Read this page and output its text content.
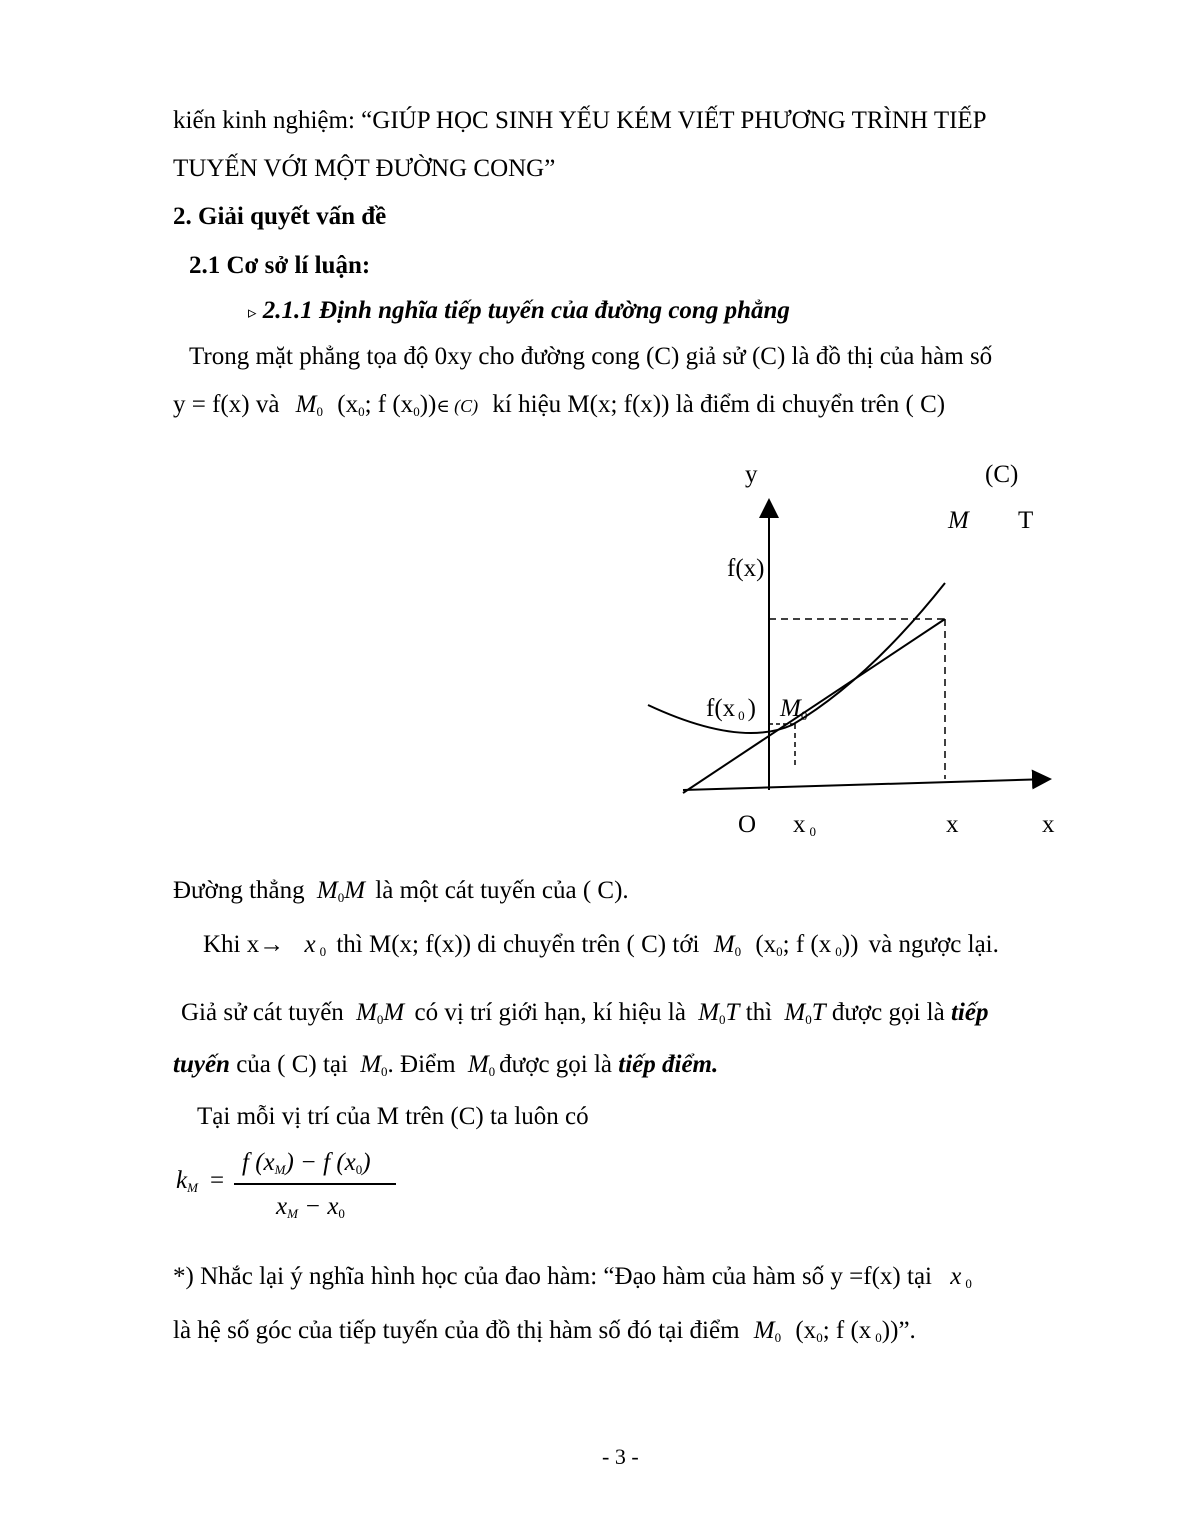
kiến kinh nghiệm: “GIÚP HỌC SINH YẾU KÉM VIẾT PHƯƠNG TRÌNH TIẾP
TUYẾN VỚI MỘT ĐƯỜNG CONG”
2. Giải quyết vấn đề
2.1 Cơ sở lí luận:
▹ 2.1.1 Định nghĩa tiếp tuyến của đường cong phẳng
Trong mặt phẳng tọa độ 0xy cho đường cong (C) giả sử (C) là đồ thị của hàm số
y = f(x) và $M_0$ ($x_0$; f $(x_0))\in$ (C) kí hiệu M(x; f(x)) là điểm di chuyển trên ( C)
y	(C)
M T
f(x)
f(x $_0$ ) $M_0$
O x $_0$	x	x
Đường thẳng $M_0M$ là một cát tuyến của ( C).
Khi x→ x $_0$ thì M(x; f(x)) di chuyển trên ( C) tới $M_0$ ($x_0$; f (x $_0$)) và ngược lại.
Giả sử cát tuyến $M_0M$ có vị trí giới hạn, kí hiệu là $M_0T$ thì $M_0T$ được gọi là tiếp
tuyến của ( C) tại $M_0$. Điểm $M_0$ được gọi là tiếp điểm.
Tại mỗi vị trí của M trên (C) ta luôn có
$k_M$ =
f $(x_M) - f$ $(x_0)$
$x_M - x_0$
*) Nhắc lại ý nghĩa hình học của đao hàm: “Đạo hàm của hàm số y =f(x) tại x $_0$
là hệ số góc của tiếp tuyến của đồ thị hàm số đó tại điểm $M_0$ ($x_0$; f (x $_0$))”.
- 3 -
